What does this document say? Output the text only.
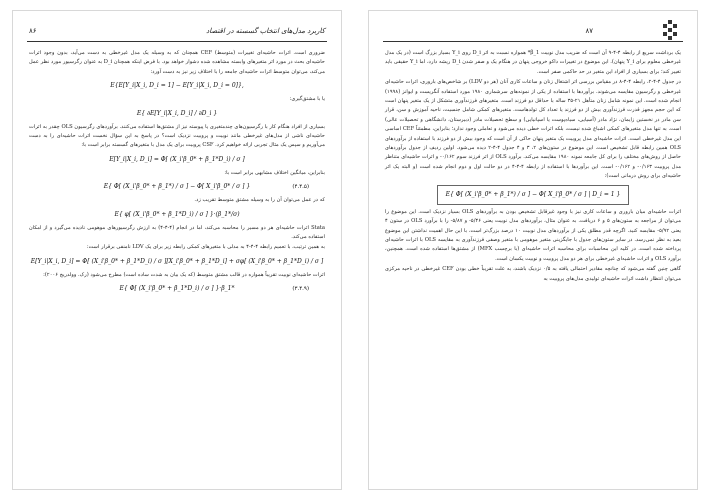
۸۶	کاربرد مدل‌های انتخاب گسسته در اقتصاد

ضروری است. اثرات حاشیه‌ای تغییرات (متوسط) CEF همچنان که به وسیله یک مدل غیرخطی به دست می‌آید، بدون وجود اثرات حاشیه‌ای بحث در مورد اثر متغیرهای وابسته مشاهده شده دشوار خواهد بود. با فرض اینکه همچنان D_i به عنوان رگرسیور مورد نظر عمل می‌کند، می‌توان متوسط اثرات حاشیه‌ای جامعه را با اختلاف زیر نیز به دست آورد:

E{E[Y_i|X_i, D_i = 1] − E[Y_i|X_i, D_i = 0]},

یا با مشتق‌گیری:

E{ ∂E[Y_i|X_i, D_i] / ∂D_i }

بسیاری از افراد هنگام کار با رگرسیون‌های چندمتغیری یا پیوسته نیز از مشتق‌ها استفاده می‌کنند. برآوردهای رگرسیون OLS چقدر به اثرات حاشیه‌ای ناشی از مدل‌های غیرخطی مانند نوبیت و پروبیت نزدیک است؟ در پاسخ به این سؤال نخست اثرات حاشیه‌ای را به دست می‌آوریم و سپس یک مثال تجربی ارائه خواهیم کرد. CSF پروبیت برای یک مدل با متغیرهای گسسته برابر است با:

E[Y_i|X_i, D_i] = Φ[ (X_i'β_0* + β_1*D_i) / σ ]

بنابراین، میانگین اختلاف مشابهی برابر است با:

E{ Φ[ (X_i'β_0* + β_1*) / σ ] − Φ[ X_i'β_0* / σ ] }	(۴.۴.۵)

که در عمل می‌توان آن را به وسیله مشتق متوسط تقریب زد.

E{ φ[ (X_i'β_0* + β_1*D_i) / σ ] }·(β_1*/σ)

Stata اثرات حاشیه‌ای هر دو مسیر را محاسبه می‌کند، اما در انجام (۴-۴-۴) به ارزش رگرسیورهای موهومی نادیده می‌گیرد و از امکان استفاده می‌کند.

به همین ترتیب، با تعمیم رابطه ۴-۴-۴ به مدلی با متغیرهای کمکی رابطه زیر برای یک LDV نامنفی برقرار است:

E[Y_i|X_i, D_i] = Φ[ (X_i'β_0* + β_1*D_i) / σ ][X_i'β_0* + β_1*D_i] + σφ[ (X_i'β_0* + β_1*D_i) / σ ]

اثرات حاشیه‌ای نوبیت تقریباً همواره در قالب مشتق متوسط (که یک بیان به شدت ساده است) مطرح می‌شود (رک. وولدریج ۲۰۰۶):

E{ Φ[ (X_i'β_0* + β_1*D_i) / σ ] }·β_1*	(۳.۴.۹)
۸۷

یک برداشت سریع از رابطه ۴-۴-۹ آن است که ضریب مدل نوبیت β_1* همواره نسبت به اثر D_i روی Y_i بسیار بزرگ است (در یک مدل غیرخطی معلوم برای Y_i پنهان). این موضوع در تغییرات داکو خروجی پنهان در هنگام یک و صفر شدن D_i ریشه دارد، اما Y_i حقیقی باید تغییر کند؛ برای بسیاری از افراد این متغیر در حد حاکمی صفر است.

در جدول ۴-۴-۲، رابطه ۴-۴-۸ در مقیاس بررسی اثر اشتغال زنان و ساعات کاری آنان (هر دو LDV) بر شاخص‌های باروری، اثرات حاشیه‌ای غیرخطی و رگرسیون مقایسه می‌شوند. برآوردها با استفاده از یکی از نمونه‌های سرشماری ۱۹۸۰ مورد استفاده آنگریست و ایوانز (۱۹۹۸) انجام شده است. این نمونه شامل زنان متأهل ۲۱-۳۵ ساله با حداقل دو فرزند است. متغیرهای فرزندآوری متشکل از یک متغیر پنهان است که این حجم مجهز قدرت فرزندآوری بیش از دو فرزند یا تعداد کل تولدهاست. متغیرهای کمکی شامل جنسیت، ناحیه آموزش و سن، قرار سن مادر در نخستین زایمان، نژاد مادر (آسیایی، سیاه‌پوست یا اسپانیایی) و سطح تحصیلات مادر (دبیرستان، دانشگاهی و تحصیلات عالی) است. به تنها مدل متغیرهای کمکی اشباع شده نیست، بلکه اثرات خطی دیده می‌شود و تعاملی وجود ندارد؛ بنابراین، مطمئناً CEF اساسی این مدل غیرخطی است. اثرات حاشیه‌ای مدل پروبیت یک متغیر پنهان حاکی از آن است که وجود بیش از دو فرزند با استفاده از برآوردهای OLS همین رابطه قابل تشخیص است. این موضوع در ستون‌های ۲، ۳ و ۴ جدول ۴-۴-۲ دیده می‌شود. اولین ردیف از جدول برآوردهای حاصل از روش‌های مختلف را برای کل جامعه نمونه ۱۹۸۰ مقایسه می‌کند. برآورد OLS از اثر فرزند سوم ۰/۱۶۲- و اثرات حاشیه‌ای متناظر مدل پروبیت ۰/۱۶۳- و ۰/۱۶۲- است. این برآوردها با استفاده از رابطه ۴-۴-۴ در دو حالت اول و دوم انجام شده است (و البته یک اثر حاشیه‌ای برای روش درمانی است):

E{ Φ[ (X_i'β_0* + β_1*) / σ ] − Φ[ X_i'β_0* / σ ] | D_i = 1 }

اثرات حاشیه‌ای میان باروری و ساعات کاری نیز با وجود غیرقابل تشخیص بودن به برآوردهای OLS بسیار نزدیک است. این موضوع را می‌توان از مراجعه به ستون‌های ۵ و ۶ دریافت. به عنوان مثال، برآوردهای مدل نوبیت یعنی ۵/۴۶- و ۵/۸۷- را با برآورد OLS در ستون ۴ یعنی ۵/۹۲- مقایسه کنید. اگرچه قدر مطلق یکی از برآوردهای مدل نوبیت ۱۰ درصد بزرگ‌تر است، با این حال اهمیت نداشتن این موضوع بعید به نظر نمی‌رسد. در سایر ستون‌های جدول با جایگزینی متغیر موهومی با متغیر وصفی فرزندآوری به مقایسه OLS با اثرات حاشیه‌ای پرداخته شده است. در کلیه این محاسبات برای محاسبه اثرات حاشیه‌ای (با برچسب MFX) از مشتق‌ها استفاده شده است. همچنین، برآورد OLS و اثرات حاشیه‌ای غیرخطی برای هر دو مدل پروبیت و نوبیت یکسان است.

گاهی چنین گفته می‌شود که چنانچه مقادیر احتمالی یافته به ۰/۵ نزدیک باشند، به علت تقریباً خطی بودن CEF غیرخطی در ناحیه مرکزی می‌توان انتظار داشت اثرات حاشیه‌ای تولیدی مدل‌های پروبیت به
